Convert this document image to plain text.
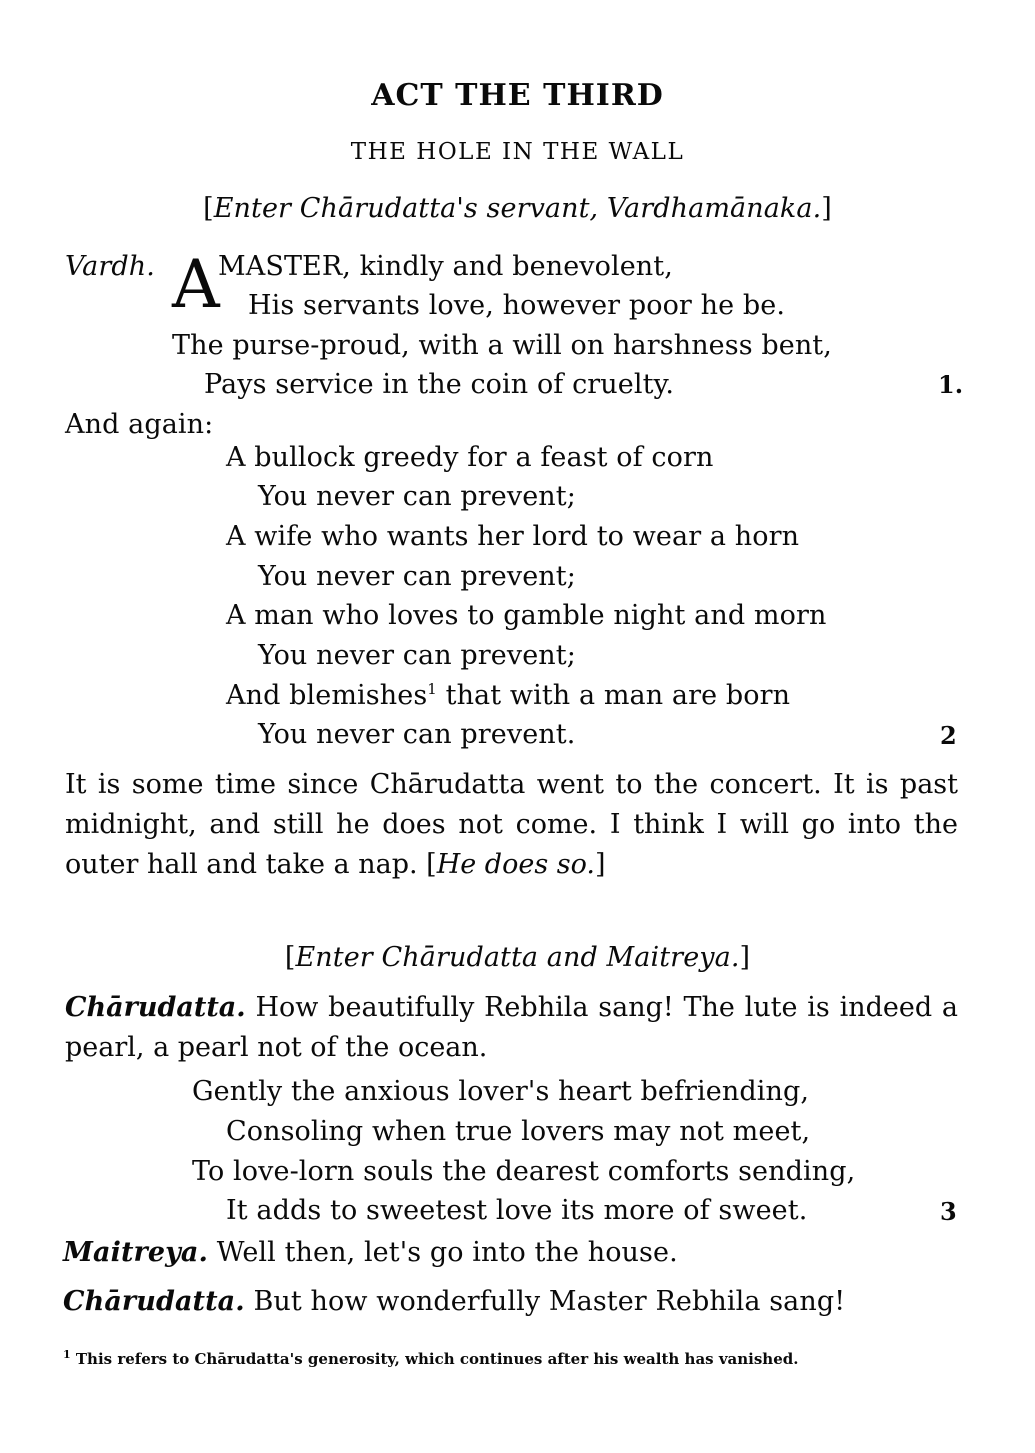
ACT THE THIRD
THE HOLE IN THE WALL
[Enter Chārudatta's servant, Vardhamānaka.]
Vardh. A
MASTER, kindly and benevolent,
His servants love, however poor he be.
The purse-proud, with a will on harshness bent,
Pays service in the coin of cruelty.	1.
And again:
A bullock greedy for a feast of corn
You never can prevent;
A wife who wants her lord to wear a horn
You never can prevent;
A man who loves to gamble night and morn
You never can prevent;
And blemishes$^1$ that with a man are born
You never can prevent.	2
It is some time since Chārudatta went to the concert. It is past midnight, and still he does not come. I think I will go into the outer hall and take a nap. [He does so.]
[Enter Chārudatta and Maitreya.]
Chārudatta. How beautifully Rebhila sang! The lute is indeed a pearl, a pearl not of the ocean.
Gently the anxious lover's heart befriending,
Consoling when true lovers may not meet,
To love-lorn souls the dearest comforts sending,
It adds to sweetest love its more of sweet.	3
Maitreya. Well then, let's go into the house.
Chārudatta. But how wonderfully Master Rebhila sang!
$^1$ This refers to Chārudatta's generosity, which continues after his wealth has vanished.
